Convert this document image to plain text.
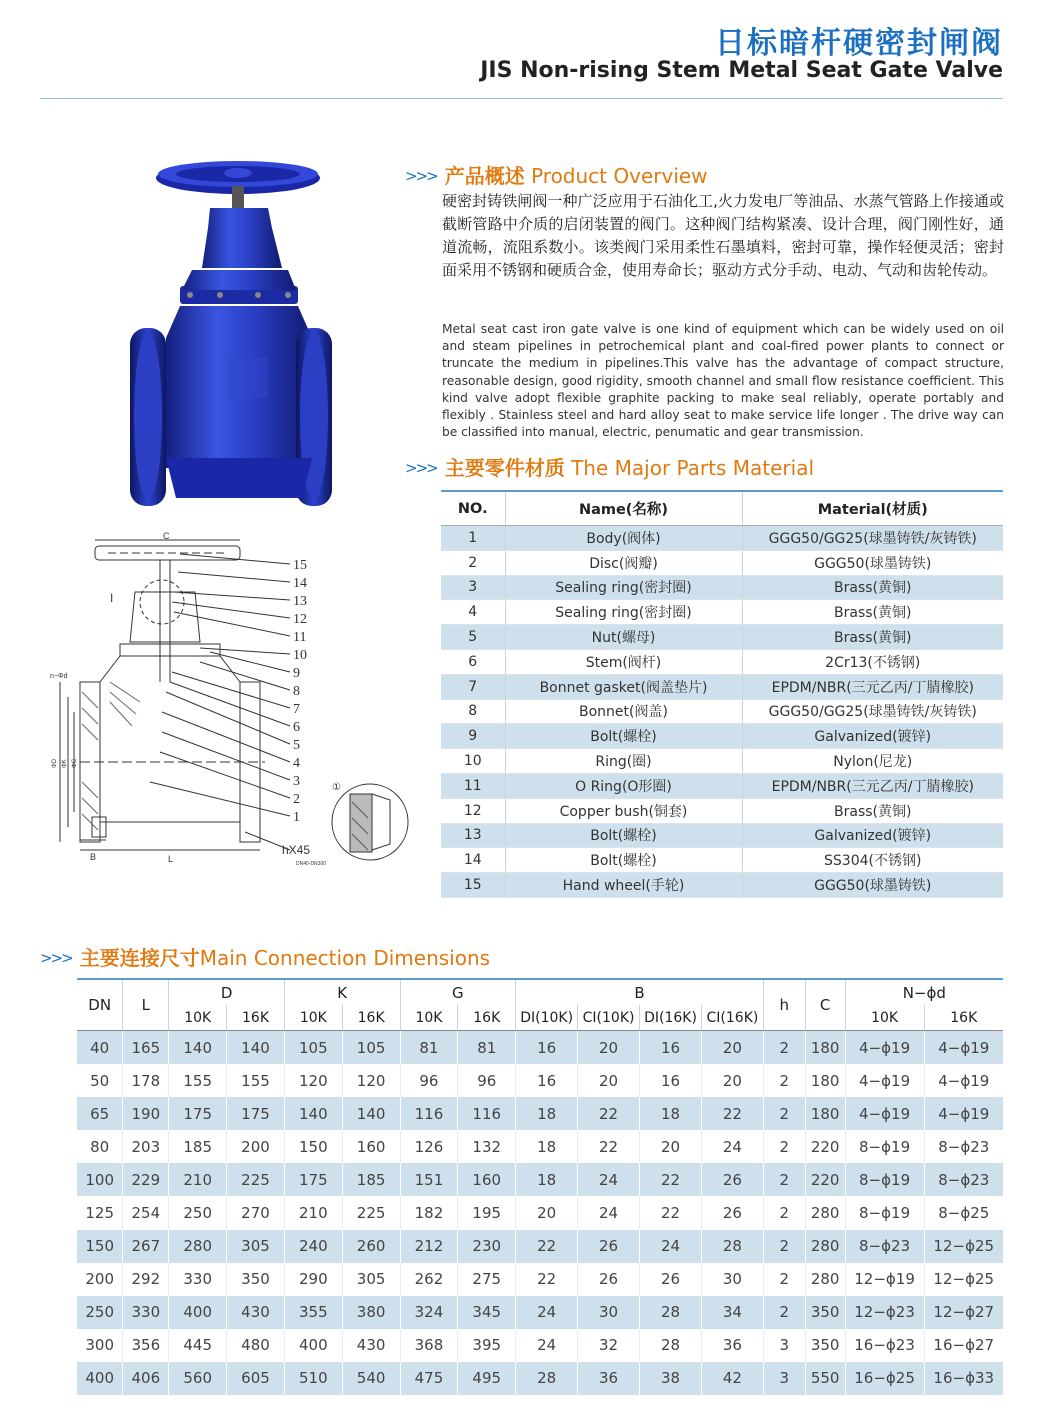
日标暗杆硬密封闸阀
JIS Non-rising Stem Metal Seat Gate Valve
15
14
13
12
11
10
9
8
7
6
5
4
3
2
1
C
L
B
I
①
n−Φd
hX45
DN40-DN300
ΦD ΦK ΦG
>>> 产品概述 Product Overview
硬密封铸铁闸阀一种广泛应用于石油化工,火力发电厂等油品、水蒸气管路上作接通或截断管路中介质的启闭装置的阀门。这种阀门结构紧凑、设计合理，阀门刚性好，通道流畅，流阻系数小。该类阀门采用柔性石墨填料，密封可靠，操作轻便灵活；密封面采用不锈钢和硬质合金，使用寿命长；驱动方式分手动、电动、气动和齿轮传动。
Metal seat cast iron gate valve is one kind of equipment which can be widely used on oil and steam pipelines in petrochemical plant and coal-fired power plants to connect or truncate the medium in pipelines.This valve has the advantage of compact structure, reasonable design, good rigidity, smooth channel and small flow resistance coefficient. This kind valve adopt flexible graphite packing to make seal reliably, operate portably and flexibly . Stainless steel and hard alloy seat to make service life longer . The drive way can be classified into manual, electric, penumatic and gear transmission.
>>> 主要零件材质 The Major Parts Material
NO.	Name(名称)	Material(材质)
1	Body(阀体)	GGG50/GG25(球墨铸铁/灰铸铁)
2	Disc(阀瓣)	GGG50(球墨铸铁)
3	Sealing ring(密封圈)	Brass(黄铜)
4	Sealing ring(密封圈)	Brass(黄铜)
5	Nut(螺母)	Brass(黄铜)
6	Stem(阀杆)	2Cr13(不锈钢)
7	Bonnet gasket(阀盖垫片)	EPDM/NBR(三元乙丙/丁腈橡胶)
8	Bonnet(阀盖)	GGG50/GG25(球墨铸铁/灰铸铁)
9	Bolt(螺栓)	Galvanized(镀锌)
10	Ring(圈)	Nylon(尼龙)
11	O Ring(O形圈)	EPDM/NBR(三元乙丙/丁腈橡胶)
12	Copper bush(铜套)	Brass(黄铜)
13	Bolt(螺栓)	Galvanized(镀锌)
14	Bolt(螺栓)	SS304(不锈钢)
15	Hand wheel(手轮)	GGG50(球墨铸铁)
>>> 主要连接尺寸Main Connection Dimensions
DN	L	D		K		G		B				h	C	N−ϕd	
		10K	16K	10K	16K	10K	16K	DI(10K)	CI(10K)	DI(16K)	CI(16K)			10K	16K
40	165	140	140	105	105	81	81	16	20	16	20	2	180	4−ϕ19	4−ϕ19
50	178	155	155	120	120	96	96	16	20	16	20	2	180	4−ϕ19	4−ϕ19
65	190	175	175	140	140	116	116	18	22	18	22	2	180	4−ϕ19	4−ϕ19
80	203	185	200	150	160	126	132	18	22	20	24	2	220	8−ϕ19	8−ϕ23
100	229	210	225	175	185	151	160	18	24	22	26	2	220	8−ϕ19	8−ϕ23
125	254	250	270	210	225	182	195	20	24	22	26	2	280	8−ϕ19	8−ϕ25
150	267	280	305	240	260	212	230	22	26	24	28	2	280	8−ϕ23	12−ϕ25
200	292	330	350	290	305	262	275	22	26	26	30	2	280	12−ϕ19	12−ϕ25
250	330	400	430	355	380	324	345	24	30	28	34	2	350	12−ϕ23	12−ϕ27
300	356	445	480	400	430	368	395	24	32	28	36	3	350	16−ϕ23	16−ϕ27
400	406	560	605	510	540	475	495	28	36	38	42	3	550	16−ϕ25	16−ϕ33
